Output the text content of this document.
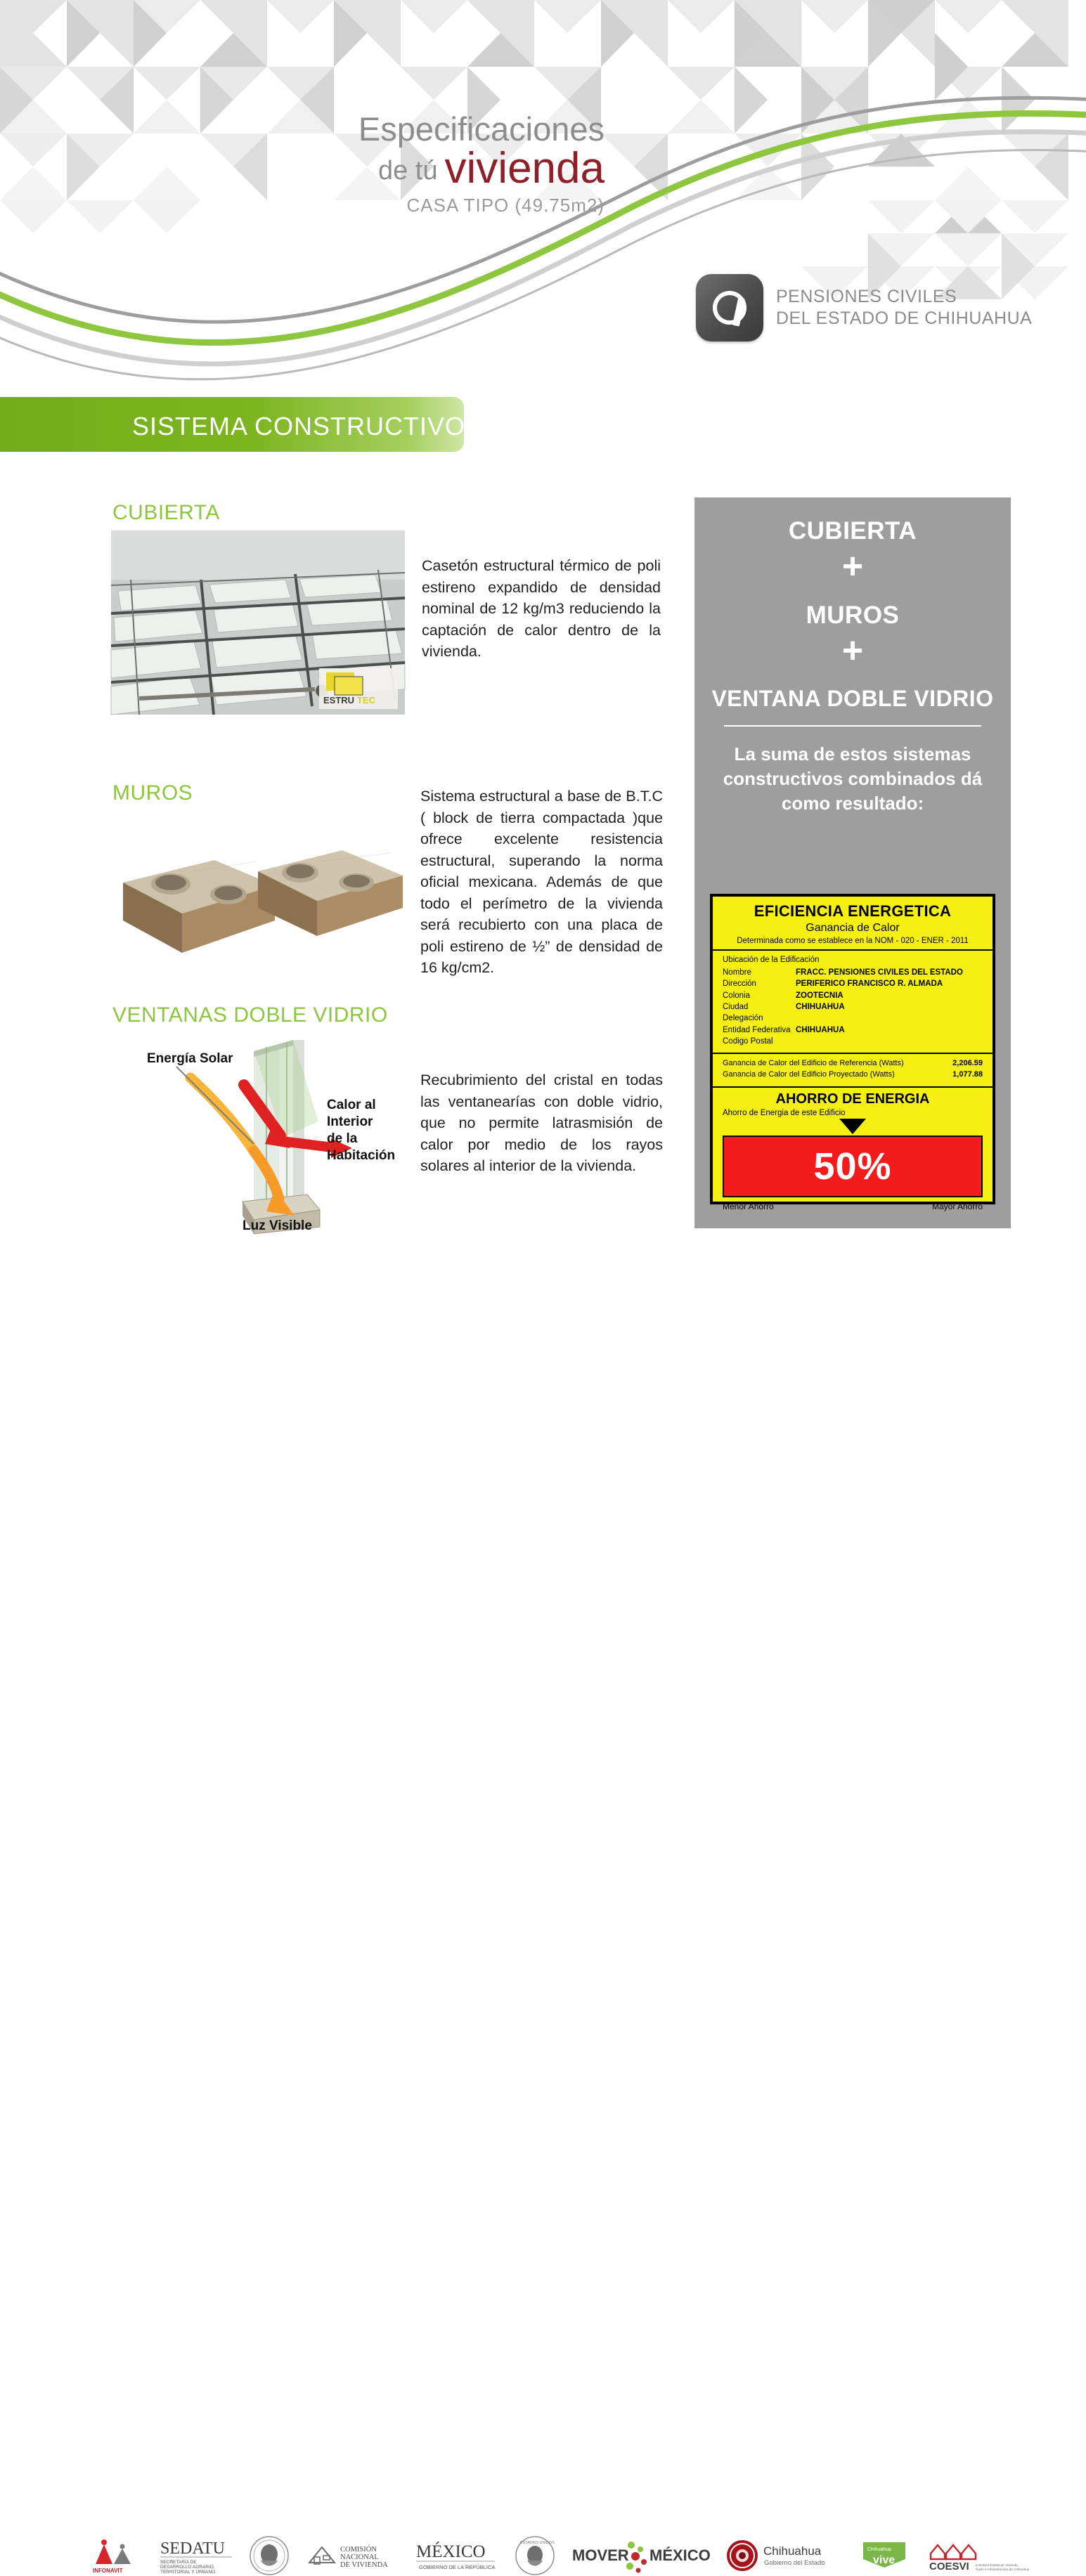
Especificaciones
de tú vivienda
CASA TIPO (49.75m2)
PENSIONES CIVILES
DEL ESTADO DE CHIHUAHUA
SISTEMA CONSTRUCTIVO
CUBIERTA
ESTRU TEC
Casetón estructural térmico de poli estireno expandido de densidad nominal de 12 kg/m3 reduciendo la captación de calor dentro de la vivienda.
MUROS	Sistema estructural a base de B.T.C ( block de tierra compactada )que ofrece excelente resistencia estructural, superando la norma oficial mexicana. Además de que todo el perímetro de la vivienda será recubierto con una placa de poli estireno de ½” de densidad de 16 kg/cm2.
VENTANAS DOBLE VIDRIO
Energía Solar
Calor al
Interior
de la
Habitación
Luz Visible
Recubrimiento del cristal en todas las ventanearías con doble vidrio, que no permite latrasmisión de calor por medio de los rayos solares al interior de la vivienda.
CUBIERTA
+
MUROS
+
VENTANA DOBLE VIDRIO
La suma de estos sistemas constructivos combinados dá como resultado:
EFICIENCIA ENERGETICA
Ganancia de Calor
Determinada como se establece en la NOM - 020 - ENER - 2011
Ubicación de la Edificación
Nombre	FRACC. PENSIONES CIVILES DEL ESTADO
Dirección	PERIFERICO FRANCISCO R. ALMADA
Colonia	ZOOTECNIA
Ciudad	CHIHUAHUA
Delegación
Entidad Federativa CHIHUAHUA
Codigo Postal
Ganancia de Calor del Edificio de Referencia (Watts)	2,206.59
Ganancia de Calor del Edificio Proyectado (Watts)	1,077.88
AHORRO DE ENERGIA
Ahorro de Energia de este Edificio
50%
Menor Ahorro	Mayor Ahorro
INFONAVIT
SEDATU
SECRETARÍA DE
DESARROLLO AGRARIO,
TERRITORIAL Y URBANO
COMISIÓN
NACIONAL
DE VIVIENDA
MÉXICO
GOBIERNO DE LA REPÚBLICA
ESTADOS UNIDOS
MOVER MÉXICO	Chihuahua
Gobierno del Estado
Chihuahua
vive
COESVI Comisión Estatal de Vivienda,
Suelo e Infraestructura de Chihuahua
